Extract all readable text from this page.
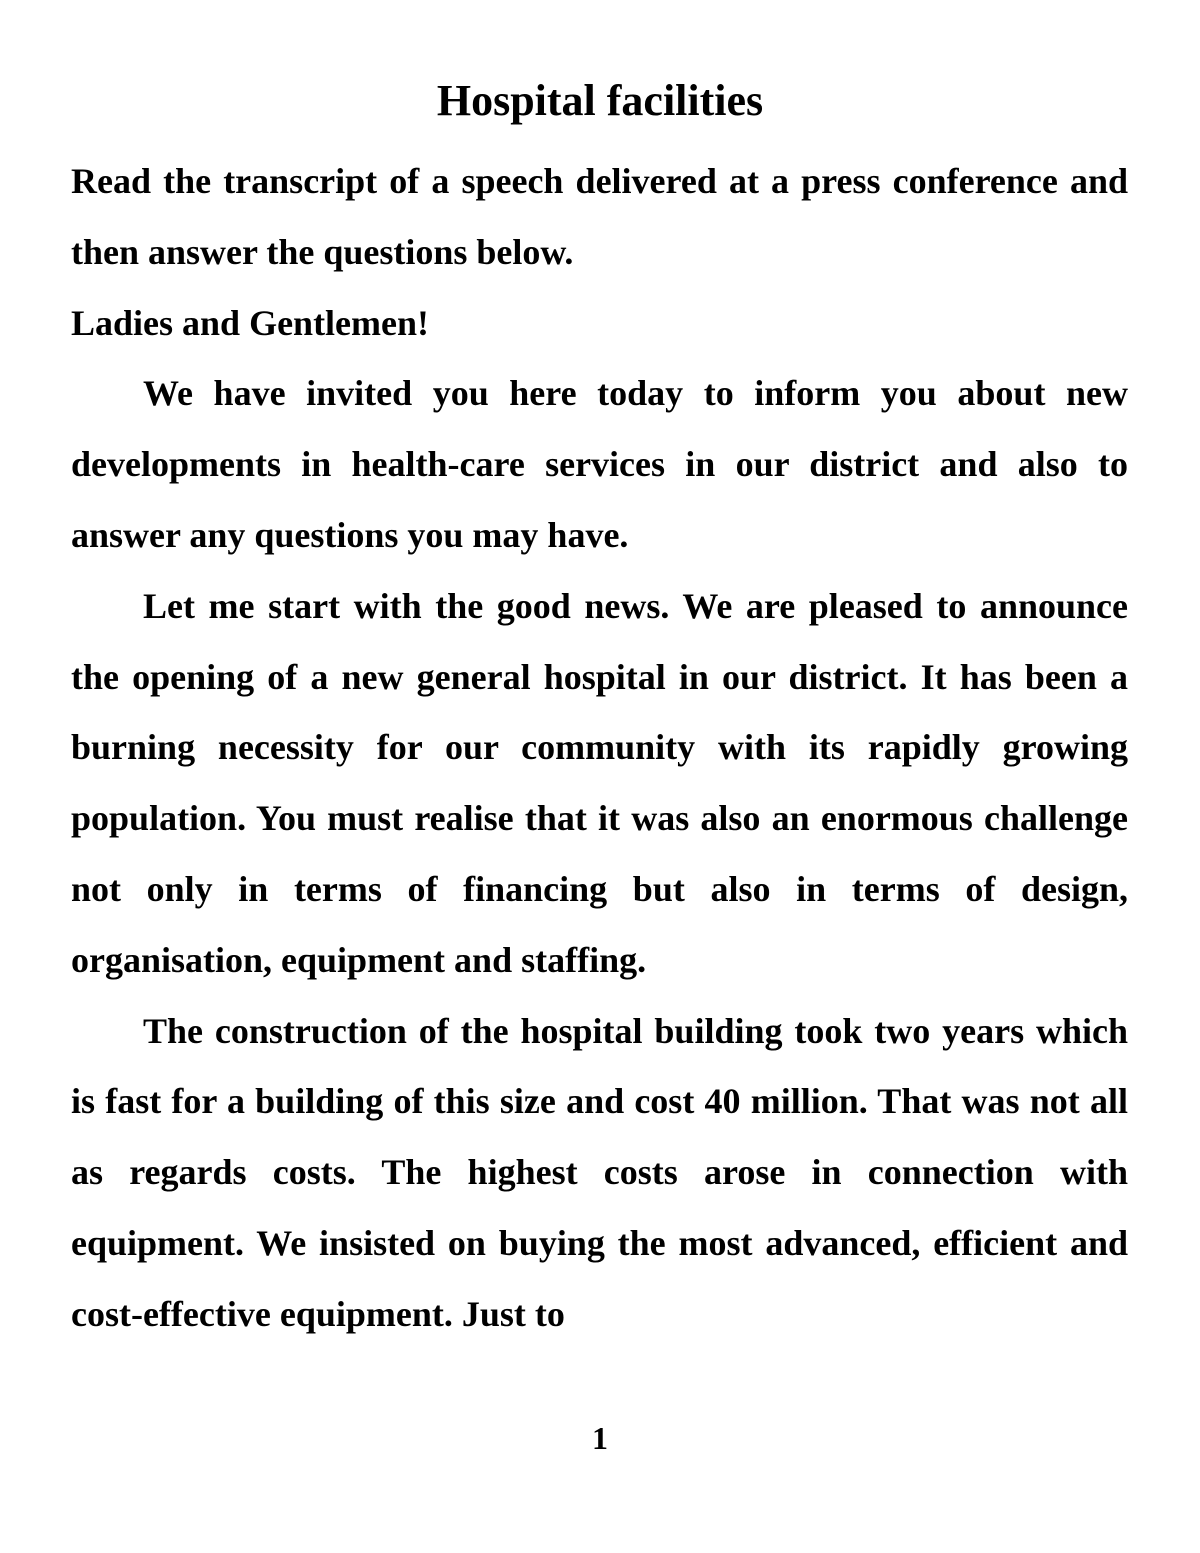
Hospital facilities

Read the transcript of a speech delivered at a press conference and then answer the questions below.

Ladies and Gentlemen!

We have invited you here today to inform you about new developments in health-care services in our district and also to answer any questions you may have.

Let me start with the good news. We are pleased to announce the opening of a new general hospital in our district. It has been a burning necessity for our community with its rapidly growing population. You must realise that it was also an enormous challenge not only in terms of financing but also in terms of design, organisation, equipment and staffing.

The construction of the hospital building took two years which is fast for a building of this size and cost 40 million. That was not all as regards costs. The highest costs arose in connection with equipment. We insisted on buying the most advanced, efficient and cost-effective equipment. Just to

1
